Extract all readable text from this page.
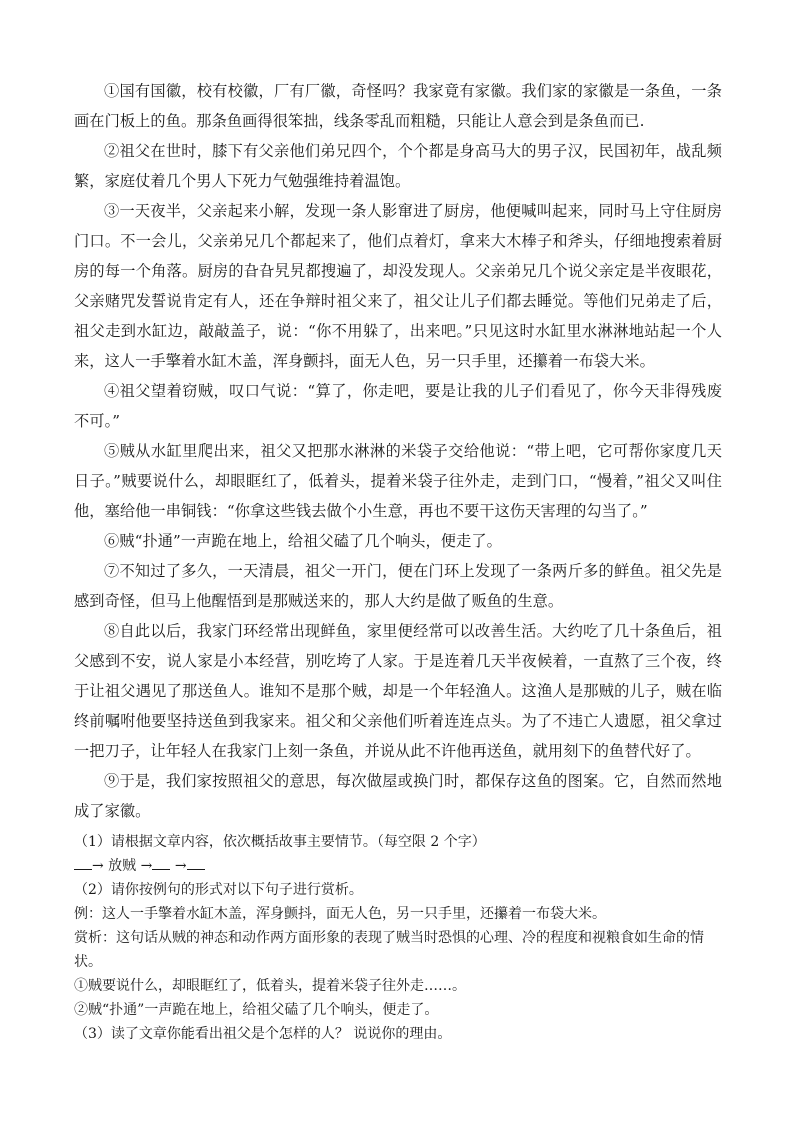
①国有国徽，校有校徽，厂有厂徽，奇怪吗？我家竟有家徽。我们家的家徽是一条鱼，一条画在门板上的鱼。那条鱼画得很笨拙，线条零乱而粗糙，只能让人意会到是条鱼而已.

②祖父在世时，膝下有父亲他们弟兄四个，个个都是身高马大的男子汉，民国初年，战乱频繁，家庭仗着几个男人下死力气勉强维持着温饱。

③一天夜半，父亲起来小解，发现一条人影窜进了厨房，他便喊叫起来，同时马上守住厨房门口。不一会儿，父亲弟兄几个都起来了，他们点着灯，拿来大木棒子和斧头，仔细地搜索着厨房的每一个角落。厨房的旮旮旯旯都搜遍了，却没发现人。父亲弟兄几个说父亲定是半夜眼花，父亲赌咒发誓说肯定有人，还在争辩时祖父来了，祖父让儿子们都去睡觉。等他们兄弟走了后，祖父走到水缸边，敲敲盖子，说：“你不用躲了，出来吧。”只见这时水缸里水淋淋地站起一个人来，这人一手擎着水缸木盖，浑身颤抖，面无人色，另一只手里，还攥着一布袋大米。

④祖父望着窃贼，叹口气说：“算了，你走吧，要是让我的儿子们看见了，你今天非得残废不可。”

⑤贼从水缸里爬出来，祖父又把那水淋淋的米袋子交给他说：“带上吧，它可帮你家度几天日子。”贼要说什么，却眼眶红了，低着头，提着米袋子往外走，走到门口，“慢着，”祖父又叫住他，塞给他一串铜钱：“你拿这些钱去做个小生意，再也不要干这伤天害理的勾当了。”

⑥贼“扑通”一声跪在地上，给祖父磕了几个响头，便走了。

⑦不知过了多久，一天清晨，祖父一开门，便在门环上发现了一条两斤多的鲜鱼。祖父先是感到奇怪，但马上他醒悟到是那贼送来的，那人大约是做了贩鱼的生意。

⑧自此以后，我家门环经常出现鲜鱼，家里便经常可以改善生活。大约吃了几十条鱼后，祖父感到不安，说人家是小本经营，别吃垮了人家。于是连着几天半夜候着，一直熬了三个夜，终于让祖父遇见了那送鱼人。谁知不是那个贼，却是一个年轻渔人。这渔人是那贼的儿子，贼在临终前嘱咐他要坚持送鱼到我家来。祖父和父亲他们听着连连点头。为了不违亡人遗愿，祖父拿过一把刀子，让年轻人在我家门上刻一条鱼，并说从此不许他再送鱼，就用刻下的鱼替代好了。

⑨于是，我们家按照祖父的意思，每次做屋或换门时，都保存这鱼的图案。它，自然而然地成了家徽。

（1）请根据文章内容，依次概括故事主要情节。（每空限 2 个字）

→ 放贼 → →

（2）请你按例句的形式对以下句子进行赏析。

例：这人一手擎着水缸木盖，浑身颤抖，面无人色，另一只手里，还攥着一布袋大米。

赏析：这句话从贼的神态和动作两方面形象的表现了贼当时恐惧的心理、冷的程度和视粮食如生命的情状。

①贼要说什么，却眼眶红了，低着头，提着米袋子往外走……。

②贼“扑通”一声跪在地上，给祖父磕了几个响头，便走了。

（3）读了文章你能看出祖父是个怎样的人？ 说说你的理由。
